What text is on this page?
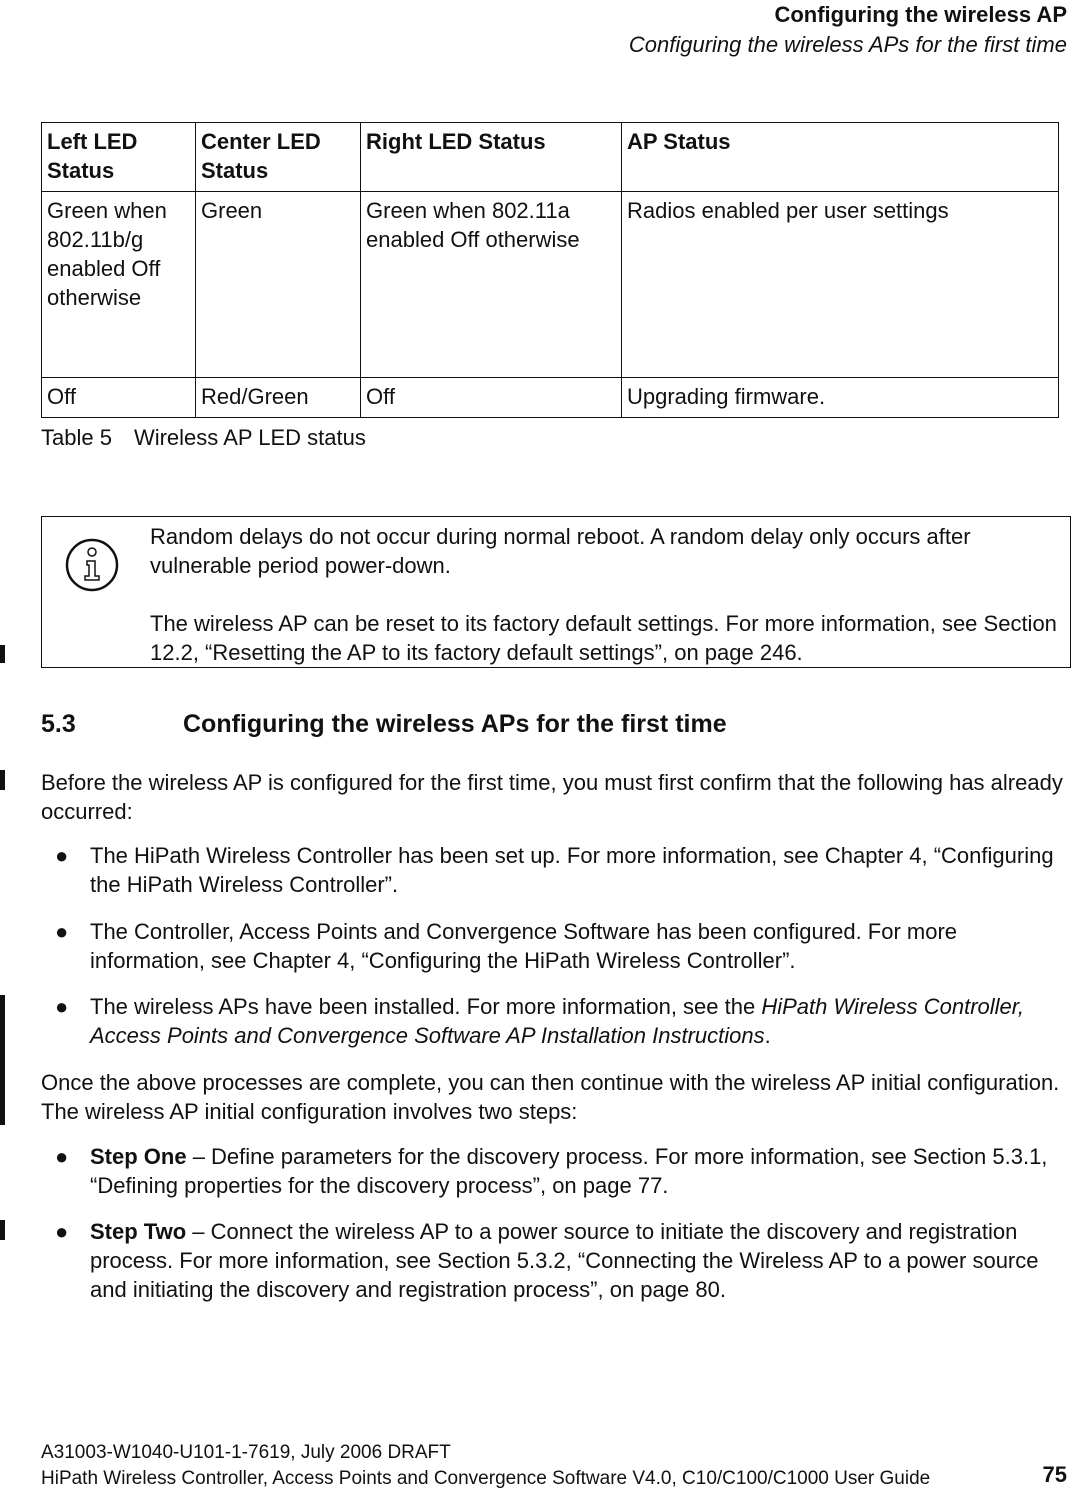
Configuring the wireless AP
Configuring the wireless APs for the first time
Left LED Status	Center LED Status	Right LED Status	AP Status
Green when 802.11b/g enabled Off otherwise	Green	Green when 802.11a enabled Off otherwise	Radios enabled per user settings
Off	Red/Green	Off	Upgrading firmware.
Table 5 Wireless AP LED status
Random delays do not occur during normal reboot. A random delay only occurs after vulnerable period power-down.
The wireless AP can be reset to its factory default settings. For more information, see Section 12.2, “Resetting the AP to its factory default settings”, on page 246.
5.3	Configuring the wireless APs for the first time
Before the wireless AP is configured for the first time, you must first confirm that the following has already occurred:
● The HiPath Wireless Controller has been set up. For more information, see Chapter 4, “Configuring the HiPath Wireless Controller”.
● The Controller, Access Points and Convergence Software has been configured. For more information, see Chapter 4, “Configuring the HiPath Wireless Controller”.
● The wireless APs have been installed. For more information, see the HiPath Wireless Controller, Access Points and Convergence Software AP Installation Instructions.
Once the above processes are complete, you can then continue with the wireless AP initial configuration. The wireless AP initial configuration involves two steps:
● Step One – Define parameters for the discovery process. For more information, see Section 5.3.1, “Defining properties for the discovery process”, on page 77.
● Step Two – Connect the wireless AP to a power source to initiate the discovery and registration process. For more information, see Section 5.3.2, “Connecting the Wireless AP to a power source and initiating the discovery and registration process”, on page 80.
A31003-W1040-U101-1-7619, July 2006 DRAFT
HiPath Wireless Controller, Access Points and Convergence Software V4.0, C10/C100/C1000 User Guide	75
